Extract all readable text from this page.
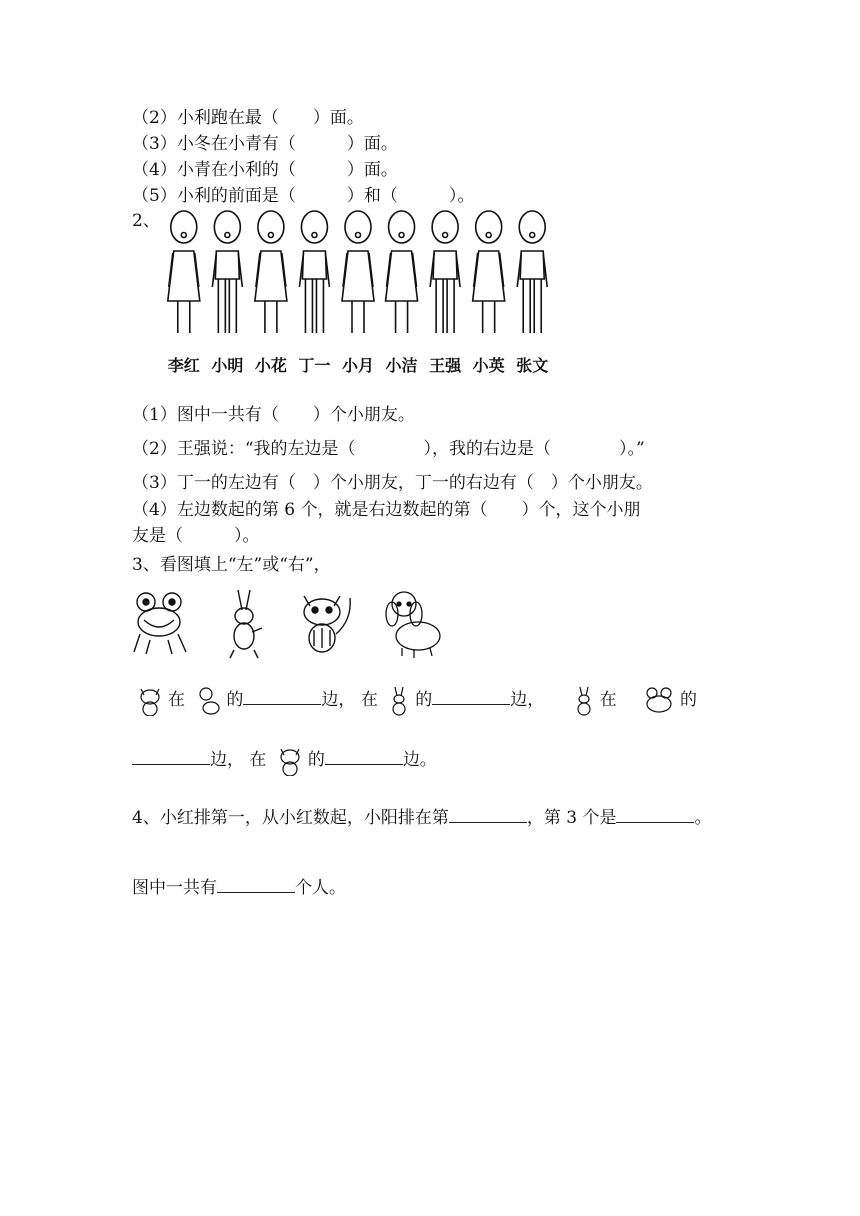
（2）小利跑在最（　　）面。
（3）小冬在小青有（　　　）面。
（4）小青在小利的（　　　）面。
（5）小利的前面是（　　　）和（　　　）。
2、
李红 小明 小花 丁一 小月 小洁 王强 小英 张文
（1）图中一共有（　　）个小朋友。
（2）王强说：“我的左边是（　　　　），我的右边是（　　　　）。”
（3）丁一的左边有（　）个小朋友，丁一的右边有（　）个小朋友。
（4）左边数起的第 6 个，就是右边数起的第（　　）个，这个小朋
友是（　　　）。
3、看图填上“左”或“右”，
在 的	边， 在 的	边，	在	的
边， 在 的	边。
4、小红排第一，从小红数起，小阳排在第	，第 3 个是	。
图中一共有	个人。
